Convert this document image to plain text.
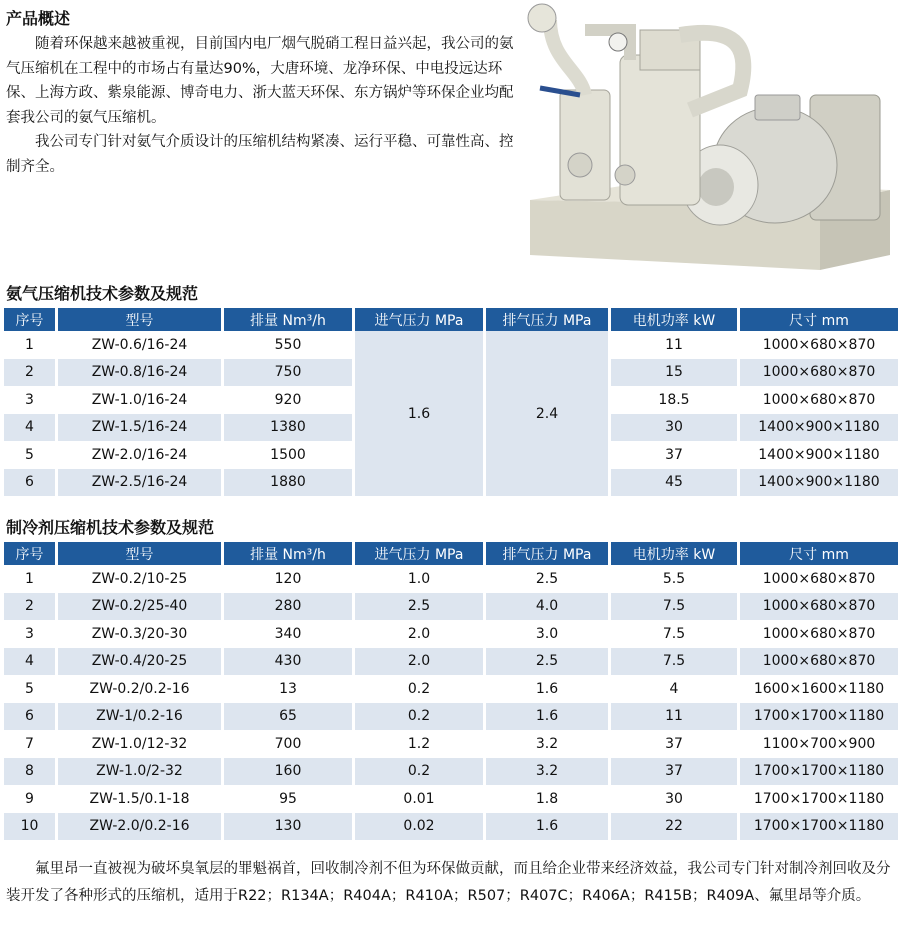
产品概述

随着环保越来越被重视，目前国内电厂烟气脱硝工程日益兴起，我公司的氨气压缩机在工程中的市场占有量达90%，大唐环境、龙净环保、中电投远达环保、上海方政、紫泉能源、博奇电力、浙大蓝天环保、东方锅炉等环保企业均配套我公司的氨气压缩机。

我公司专门针对氨气介质设计的压缩机结构紧凑、运行平稳、可靠性高、控制齐全。

氨气压缩机技术参数及规范
序号	型号	排量 Nm³/h	进气压力 MPa	排气压力 MPa	电机功率 kW	尺寸 mm
1	ZW-0.6/16-24	550	1.6	2.4	11	1000×680×870
2	ZW-0.8/16-24	750			15	1000×680×870
3	ZW-1.0/16-24	920			18.5	1000×680×870
4	ZW-1.5/16-24	1380			30	1400×900×1180
5	ZW-2.0/16-24	1500			37	1400×900×1180
6	ZW-2.5/16-24	1880			45	1400×900×1180
制冷剂压缩机技术参数及规范
序号	型号	排量 Nm³/h	进气压力 MPa	排气压力 MPa	电机功率 kW	尺寸 mm
1	ZW-0.2/10-25	120	1.0	2.5	5.5	1000×680×870
2	ZW-0.2/25-40	280	2.5	4.0	7.5	1000×680×870
3	ZW-0.3/20-30	340	2.0	3.0	7.5	1000×680×870
4	ZW-0.4/20-25	430	2.0	2.5	7.5	1000×680×870
5	ZW-0.2/0.2-16	13	0.2	1.6	4	1600×1600×1180
6	ZW-1/0.2-16	65	0.2	1.6	11	1700×1700×1180
7	ZW-1.0/12-32	700	1.2	3.2	37	1100×700×900
8	ZW-1.0/2-32	160	0.2	3.2	37	1700×1700×1180
9	ZW-1.5/0.1-18	95	0.01	1.8	30	1700×1700×1180
10	ZW-2.0/0.2-16	130	0.02	1.6	22	1700×1700×1180

氟里昂一直被视为破坏臭氧层的罪魁祸首，回收制冷剂不但为环保做贡献，而且给企业带来经济效益，我公司专门针对制冷剂回收及分装开发了各种形式的压缩机，适用于R22；R134A；R404A；R410A；R507；R407C；R406A；R415B；R409A、氟里昂等介质。
